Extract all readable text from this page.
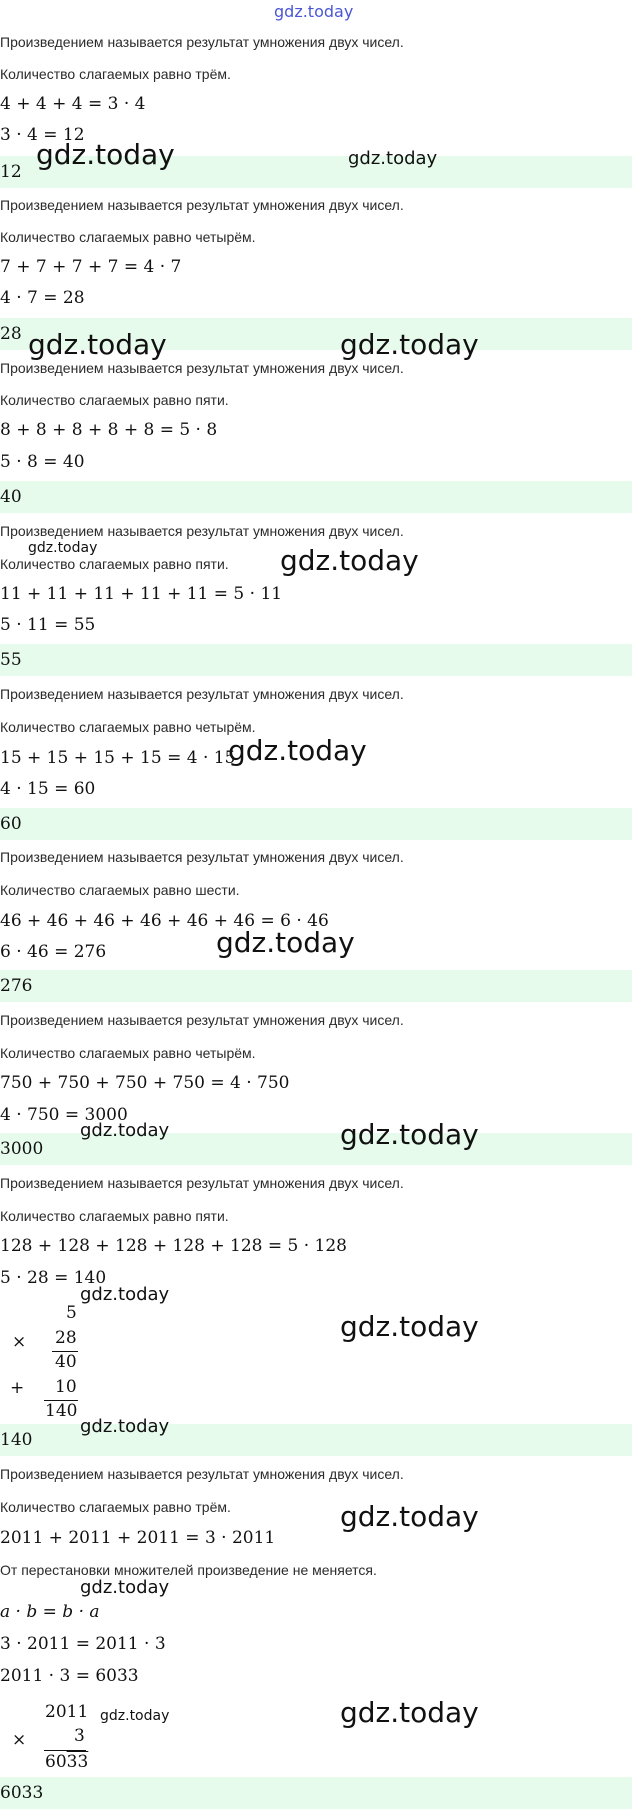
gdz.today
Произведением называется результат умножения двух чисел.
Количество слагаемых равно трём.
4 + 4 + 4 = 3 · 4
3 · 4 = 12
12
gdz.today	gdz.today
Произведением называется результат умножения двух чисел.
Количество слагаемых равно четырём.
7 + 7 + 7 + 7 = 4 · 7
4 · 7 = 28
28 gdz.today	gdz.today
Произведением называется результат умножения двух чисел.
Количество слагаемых равно пяти.
8 + 8 + 8 + 8 + 8 = 5 · 8
5 · 8 = 40
40
Произведением называется результат умножения двух чисел.
Количество слагаемых равно пяти.
gdz.today	gdz.today
11 + 11 + 11 + 11 + 11 = 5 · 11
5 · 11 = 55
55
Произведением называется результат умножения двух чисел.
Количество слагаемых равно четырём.
15 + 15 + 15 + 15 = 4 · 15
gdz.today
4 · 15 = 60
60
Произведением называется результат умножения двух чисел.
Количество слагаемых равно шести.
46 + 46 + 46 + 46 + 46 + 46 = 6 · 46
6 · 46 = 276	gdz.today
276
Произведением называется результат умножения двух чисел.
Количество слагаемых равно четырём.
750 + 750 + 750 + 750 = 4 · 750
4 · 750 = 3000
3000
gdz.today	gdz.today
Произведением называется результат умножения двух чисел.
Количество слагаемых равно пяти.
128 + 128 + 128 + 128 + 128 = 5 · 128
5 · 28 = 140
gdz.today
gdz.today
5
× 28
40
+ 10
140
140
gdz.today
Произведением называется результат умножения двух чисел.
Количество слагаемых равно трём.	gdz.today
2011 + 2011 + 2011 = 3 · 2011
От перестановки множителей произведение не меняется.
gdz.today
a · b = b · a
3 · 2011 = 2011 · 3
2011 · 3 = 6033
2011
×	3
6033
gdz.today	gdz.today
6033
